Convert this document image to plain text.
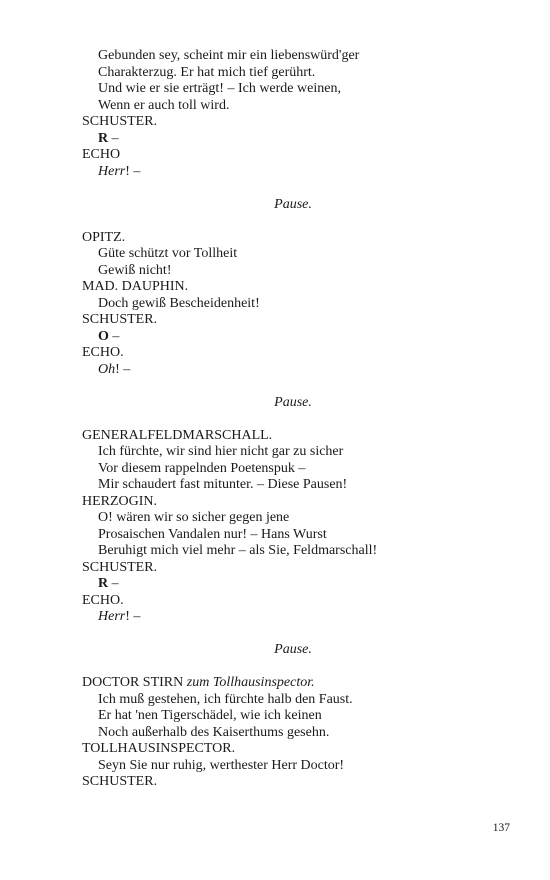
Gebunden sey, scheint mir ein liebenswürd'ger
Charakterzug. Er hat mich tief gerührt.
Und wie er sie erträgt! – Ich werde weinen,
Wenn er auch toll wird.
SCHUSTER.
R –
ECHO
Herr! –
Pause.
OPITZ.
Güte schützt vor Tollheit
Gewiß nicht!
MAD. DAUPHIN.
Doch gewiß Bescheidenheit!
SCHUSTER.
O –
ECHO.
Oh! –
Pause.
GENERALFELDMARSCHALL.
Ich fürchte, wir sind hier nicht gar zu sicher
Vor diesem rappelnden Poetenspuk –
Mir schaudert fast mitunter. – Diese Pausen!
HERZOGIN.
O! wären wir so sicher gegen jene
Prosaischen Vandalen nur! – Hans Wurst
Beruhigt mich viel mehr – als Sie, Feldmarschall!
SCHUSTER.
R –
ECHO.
Herr! –
Pause.
DOCTOR STIRN zum Tollhausinspector.
Ich muß gestehen, ich fürchte halb den Faust.
Er hat 'nen Tigerschädel, wie ich keinen
Noch außerhalb des Kaiserthums gesehn.
TOLLHAUSINSPECTOR.
Seyn Sie nur ruhig, werthester Herr Doctor!
SCHUSTER.
137
